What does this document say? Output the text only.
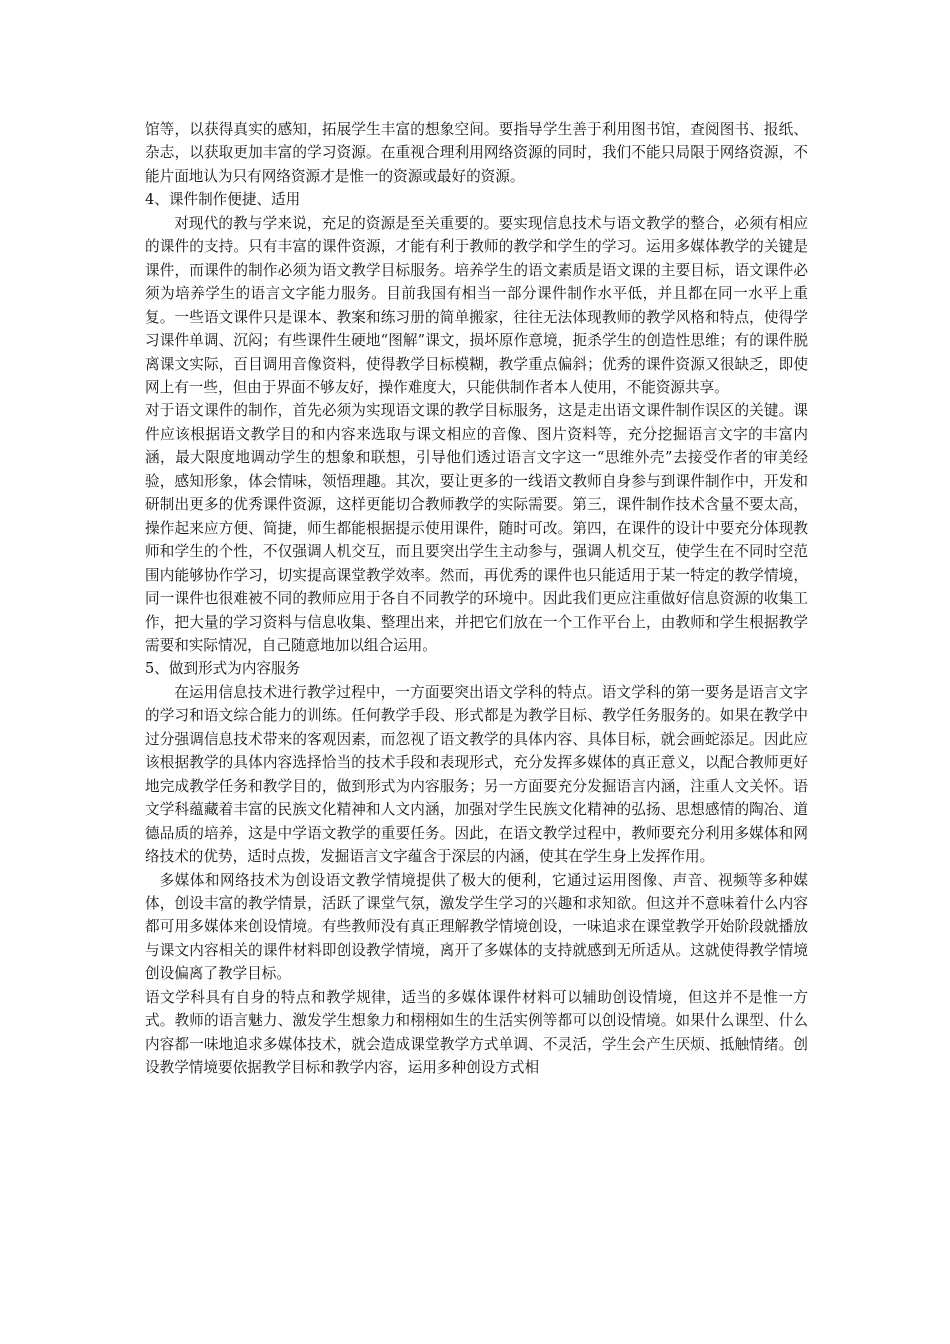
馆等，以获得真实的感知，拓展学生丰富的想象空间。要指导学生善于利用图书馆，查阅图书、报纸、杂志，以获取更加丰富的学习资源。在重视合理利用网络资源的同时，我们不能只局限于网络资源，不能片面地认为只有网络资源才是惟一的资源或最好的资源。

4、课件制作便捷、适用

对现代的教与学来说，充足的资源是至关重要的。要实现信息技术与语文教学的整合，必须有相应的课件的支持。只有丰富的课件资源，才能有利于教师的教学和学生的学习。运用多媒体教学的关键是课件，而课件的制作必须为语文教学目标服务。培养学生的语文素质是语文课的主要目标，语文课件必须为培养学生的语言文字能力服务。目前我国有相当一部分课件制作水平低，并且都在同一水平上重复。一些语文课件只是课本、教案和练习册的简单搬家，往往无法体现教师的教学风格和特点，使得学习课件单调、沉闷；有些课件生硬地“图解”课文，损坏原作意境，扼杀学生的创造性思维；有的课件脱离课文实际，百目调用音像资料，使得教学目标模糊，教学重点偏斜；优秀的课件资源又很缺乏，即使网上有一些，但由于界面不够友好，操作难度大，只能供制作者本人使用，不能资源共享。

对于语文课件的制作，首先必须为实现语文课的教学目标服务，这是走出语文课件制作误区的关键。课件应该根据语文教学目的和内容来选取与课文相应的音像、图片资料等，充分挖掘语言文字的丰富内涵，最大限度地调动学生的想象和联想，引导他们透过语言文字这一“思维外壳”去接受作者的审美经验，感知形象，体会情味，领悟理趣。其次，要让更多的一线语文教师自身参与到课件制作中，开发和研制出更多的优秀课件资源，这样更能切合教师教学的实际需要。第三，课件制作技术含量不要太高，操作起来应方便、简捷，师生都能根据提示使用课件，随时可改。第四，在课件的设计中要充分体现教师和学生的个性，不仅强调人机交互，而且要突出学生主动参与，强调人机交互，使学生在不同时空范围内能够协作学习，切实提高课堂教学效率。然而，再优秀的课件也只能适用于某一特定的教学情境，同一课件也很难被不同的教师应用于各自不同教学的环境中。因此我们更应注重做好信息资源的收集工作，把大量的学习资料与信息收集、整理出来，并把它们放在一个工作平台上，由教师和学生根据教学需要和实际情况，自己随意地加以组合运用。

5、做到形式为内容服务

在运用信息技术进行教学过程中，一方面要突出语文学科的特点。语文学科的第一要务是语言文字的学习和语文综合能力的训练。任何教学手段、形式都是为教学目标、教学任务服务的。如果在教学中过分强调信息技术带来的客观因素，而忽视了语文教学的具体内容、具体目标，就会画蛇添足。因此应该根据教学的具体内容选择恰当的技术手段和表现形式，充分发挥多媒体的真正意义，以配合教师更好地完成教学任务和教学目的，做到形式为内容服务；另一方面要充分发掘语言内涵，注重人文关怀。语文学科蕴藏着丰富的民族文化精神和人文内涵，加强对学生民族文化精神的弘扬、思想感情的陶冶、道德品质的培养，这是中学语文教学的重要任务。因此，在语文教学过程中，教师要充分利用多媒体和网络技术的优势，适时点拨，发掘语言文字蕴含于深层的内涵，使其在学生身上发挥作用。

多媒体和网络技术为创设语文教学情境提供了极大的便利，它通过运用图像、声音、视频等多种媒体，创设丰富的教学情景，活跃了课堂气氛，激发学生学习的兴趣和求知欲。但这并不意味着什么内容都可用多媒体来创设情境。有些教师没有真正理解教学情境创设，一味追求在课堂教学开始阶段就播放与课文内容相关的课件材料即创设教学情境，离开了多媒体的支持就感到无所适从。这就使得教学情境创设偏离了教学目标。

语文学科具有自身的特点和教学规律，适当的多媒体课件材料可以辅助创设情境，但这并不是惟一方式。教师的语言魅力、激发学生想象力和栩栩如生的生活实例等都可以创设情境。如果什么课型、什么内容都一味地追求多媒体技术，就会造成课堂教学方式单调、不灵活，学生会产生厌烦、抵触情绪。创设教学情境要依据教学目标和教学内容，运用多种创设方式相
